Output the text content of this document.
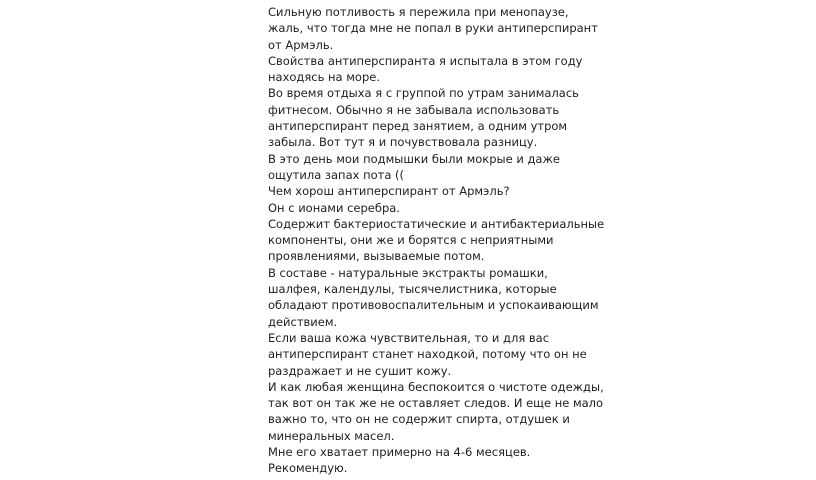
Сильную потливость я пережила при менопаузе,

жаль, что тогда мне не попал в руки антиперспирант

от Армэль.

Свойства антиперспиранта я испытала в этом году

находясь на море.

Во время отдыха я с группой по утрам занималась

фитнесом. Обычно я не забывала использовать

антиперспирант перед занятием, а одним утром

забыла. Вот тут я и почувствовала разницу.

В это день мои подмышки были мокрые и даже

ощутила запах пота ((

Чем хорош антиперспирант от Армэль?

Он с ионами серебра.

Содержит бактериостатические и антибактериальные

компоненты, они же и борятся с неприятными

проявлениями, вызываемые потом.

В составе - натуральные экстракты ромашки,

шалфея, календулы, тысячелистника, которые

обладают противовоспалительным и успокаивающим

действием.

Если ваша кожа чувствительная, то и для вас

антиперспирант станет находкой, потому что он не

раздражает и не сушит кожу.

И как любая женщина беспокоится о чистоте одежды,

так вот он так же не оставляет следов. И еще не мало

важно то, что он не содержит спирта, отдушек и

минеральных масел.

Мне его хватает примерно на 4-6 месяцев.

Рекомендую.
